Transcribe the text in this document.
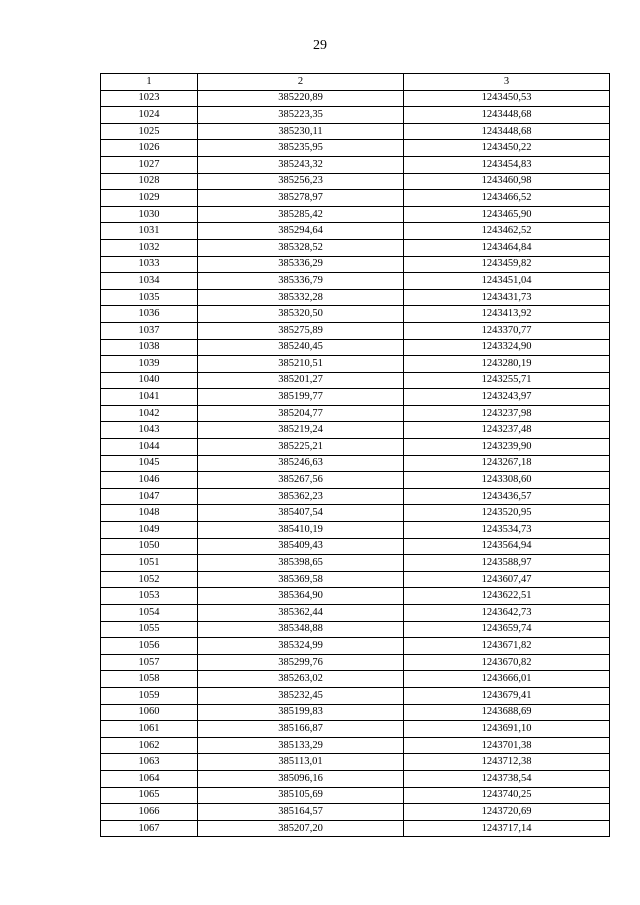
29
1	2	3
1023	385220,89	1243450,53
1024	385223,35	1243448,68
1025	385230,11	1243448,68
1026	385235,95	1243450,22
1027	385243,32	1243454,83
1028	385256,23	1243460,98
1029	385278,97	1243466,52
1030	385285,42	1243465,90
1031	385294,64	1243462,52
1032	385328,52	1243464,84
1033	385336,29	1243459,82
1034	385336,79	1243451,04
1035	385332,28	1243431,73
1036	385320,50	1243413,92
1037	385275,89	1243370,77
1038	385240,45	1243324,90
1039	385210,51	1243280,19
1040	385201,27	1243255,71
1041	385199,77	1243243,97
1042	385204,77	1243237,98
1043	385219,24	1243237,48
1044	385225,21	1243239,90
1045	385246,63	1243267,18
1046	385267,56	1243308,60
1047	385362,23	1243436,57
1048	385407,54	1243520,95
1049	385410,19	1243534,73
1050	385409,43	1243564,94
1051	385398,65	1243588,97
1052	385369,58	1243607,47
1053	385364,90	1243622,51
1054	385362,44	1243642,73
1055	385348,88	1243659,74
1056	385324,99	1243671,82
1057	385299,76	1243670,82
1058	385263,02	1243666,01
1059	385232,45	1243679,41
1060	385199,83	1243688,69
1061	385166,87	1243691,10
1062	385133,29	1243701,38
1063	385113,01	1243712,38
1064	385096,16	1243738,54
1065	385105,69	1243740,25
1066	385164,57	1243720,69
1067	385207,20	1243717,14
